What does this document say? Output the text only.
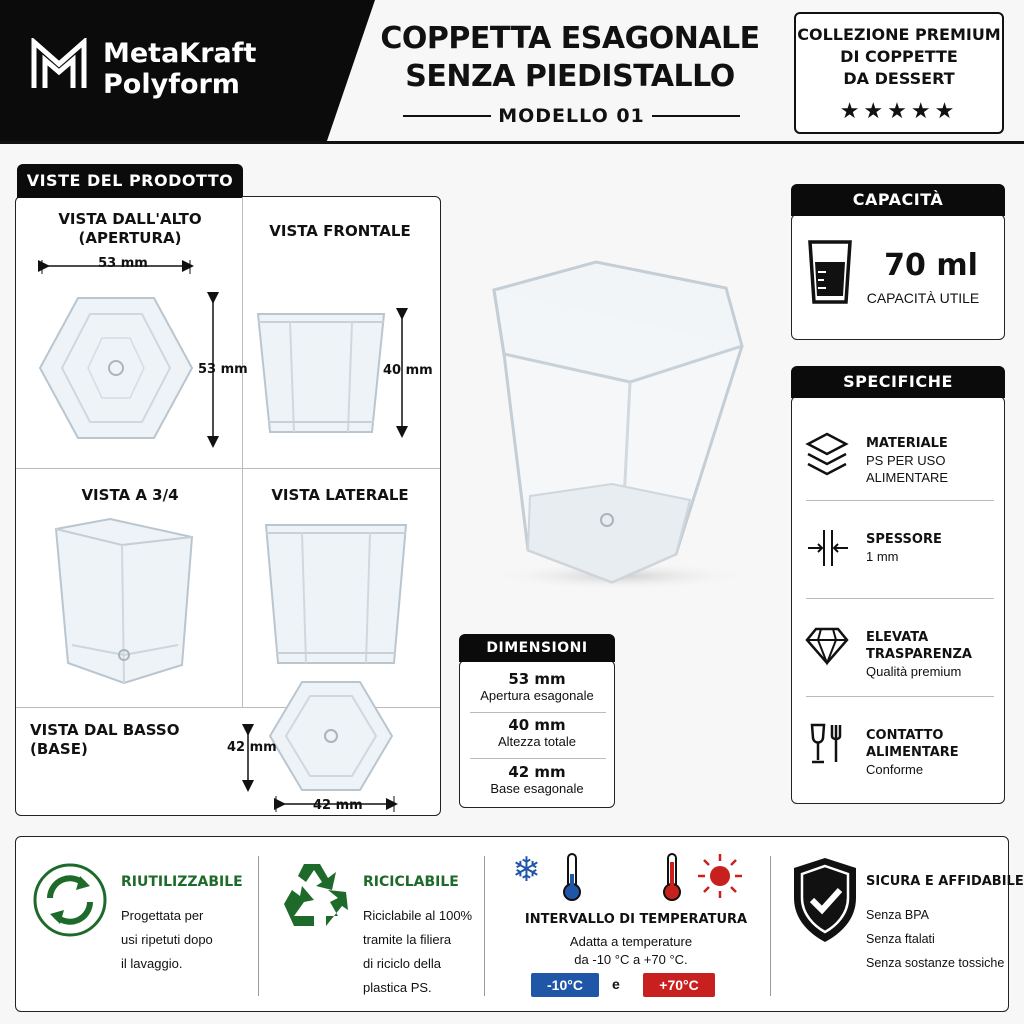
MetaKraft
Polyform
COPPETTA ESAGONALE
SENZA PIEDISTALLO
MODELLO 01
COLLEZIONE PREMIUM
DI COPPETTE
DA DESSERT
★★★★★
VISTE DEL PRODOTTO
VISTA DALL'ALTO
(APERTURA)
53 mm
53 mm
VISTA FRONTALE
40 mm
VISTA A 3/4	VISTA LATERALE
VISTA DAL BASSO (BASE)	42 mm
42 mm
DIMENSIONI
53 mm
Apertura esagonale
40 mm
Altezza totale
42 mm
Base esagonale
CAPACITÀ
70 ml
CAPACITÀ UTILE
SPECIFICHE
MATERIALE
PS PER USO
ALIMENTARE
SPESSORE
1 mm
ELEVATA TRASPARENZA
Qualità premium
CONTATTO ALIMENTARE
Conforme
RIUTILIZZABILE
Progettata per
usi ripetuti dopo
il lavaggio.
RICICLABILE
Riciclabile al 100%
tramite la filiera
di riciclo della
plastica PS.
❄
INTERVALLO DI TEMPERATURA
Adatta a temperature
da -10 °C a +70 °C.
-10°C	e	+70°C
SICURA E AFFIDABILE
Senza BPA
Senza ftalati
Senza sostanze tossiche
